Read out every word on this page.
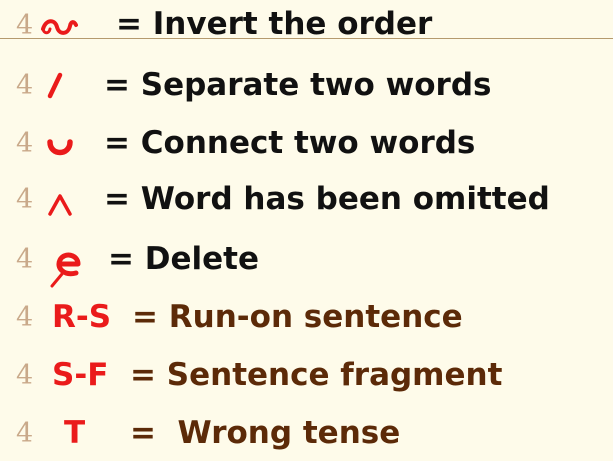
4	= Invert the order
4 = Separate two words
4 = Connect two words
4 = Word has been omitted
4 = Delete
4 R-S = Run-on sentence
4 S-F = Sentence fragment
4 T =  Wrong tense
